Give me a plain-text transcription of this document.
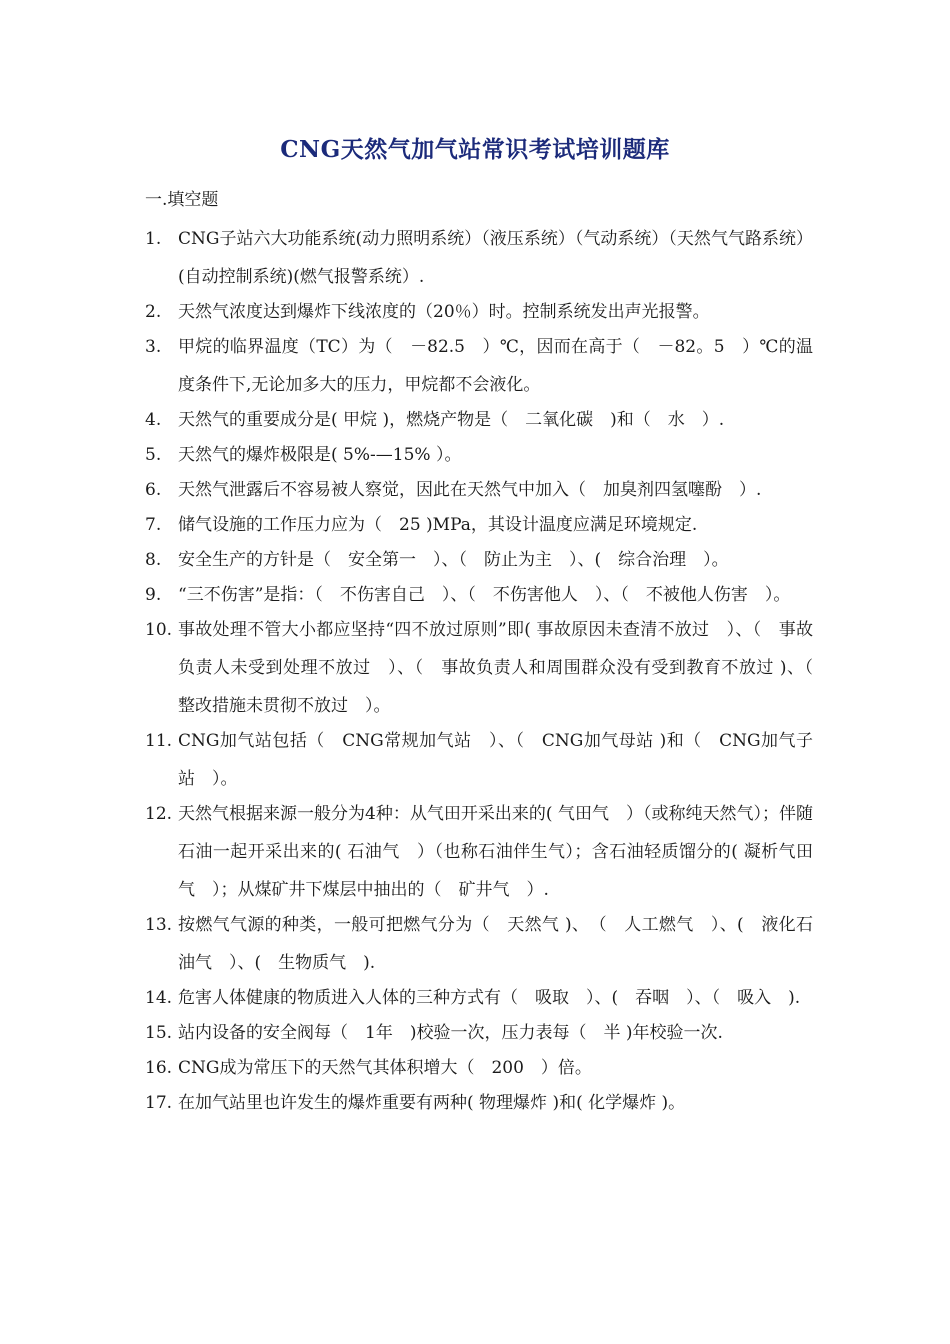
CNG天然气加气站常识考试培训题库
一.填空题
1. CNG子站六大功能系统(动力照明系统）（液压系统）（气动系统）（天然气气路系统）(自动控制系统)(燃气报警系统）.
2. 天然气浓度达到爆炸下线浓度的（20％）时。控制系统发出声光报警。
3. 甲烷的临界温度（TC）为（　－82.5　）℃，因而在高于（　－82。5　）℃的温度条件下,无论加多大的压力，甲烷都不会液化。
4. 天然气的重要成分是( 甲烷 )，燃烧产物是（　二氧化碳　)和（　水　）.
5. 天然气的爆炸极限是( 5%-—15% ）。
6. 天然气泄露后不容易被人察觉，因此在天然气中加入（　加臭剂四氢噻酚　）.
7. 储气设施的工作压力应为（　25 )MPa，其设计温度应满足环境规定.
8. 安全生产的方针是（　安全第一　）、（　防止为主　）、(　综合治理　）。
9. “三不伤害”是指：（　不伤害自己　）、（　不伤害他人　）、（　不被他人伤害　）。
10. 事故处理不管大小都应坚持“四不放过原则”即( 事故原因未查清不放过　）、（　事故负责人未受到处理不放过　）、（　事故负责人和周围群众没有受到教育不放过 )、（　整改措施未贯彻不放过　）。
11. CNG加气站包括（　CNG常规加气站　）、（　CNG加气母站 )和（　CNG加气子站　）。
12. 天然气根据来源一般分为4种：从气田开采出来的( 气田气　）（或称纯天然气）；伴随石油一起开采出来的( 石油气　）（也称石油伴生气）；含石油轻质馏分的( 凝析气田气　）；从煤矿井下煤层中抽出的（　矿井气　）.
13. 按燃气气源的种类，一般可把燃气分为（　天然气 )、　（　人工燃气　）、(　液化石油气　）、(　生物质气　).
14. 危害人体健康的物质进入人体的三种方式有（　吸取　）、(　吞咽　）、（　吸入　).
15. 站内设备的安全阀每（　1年　)校验一次，压力表每（　半 )年校验一次.
16. CNG成为常压下的天然气其体积增大（　200　）倍。
17. 在加气站里也许发生的爆炸重要有两种( 物理爆炸 )和( 化学爆炸 )。
